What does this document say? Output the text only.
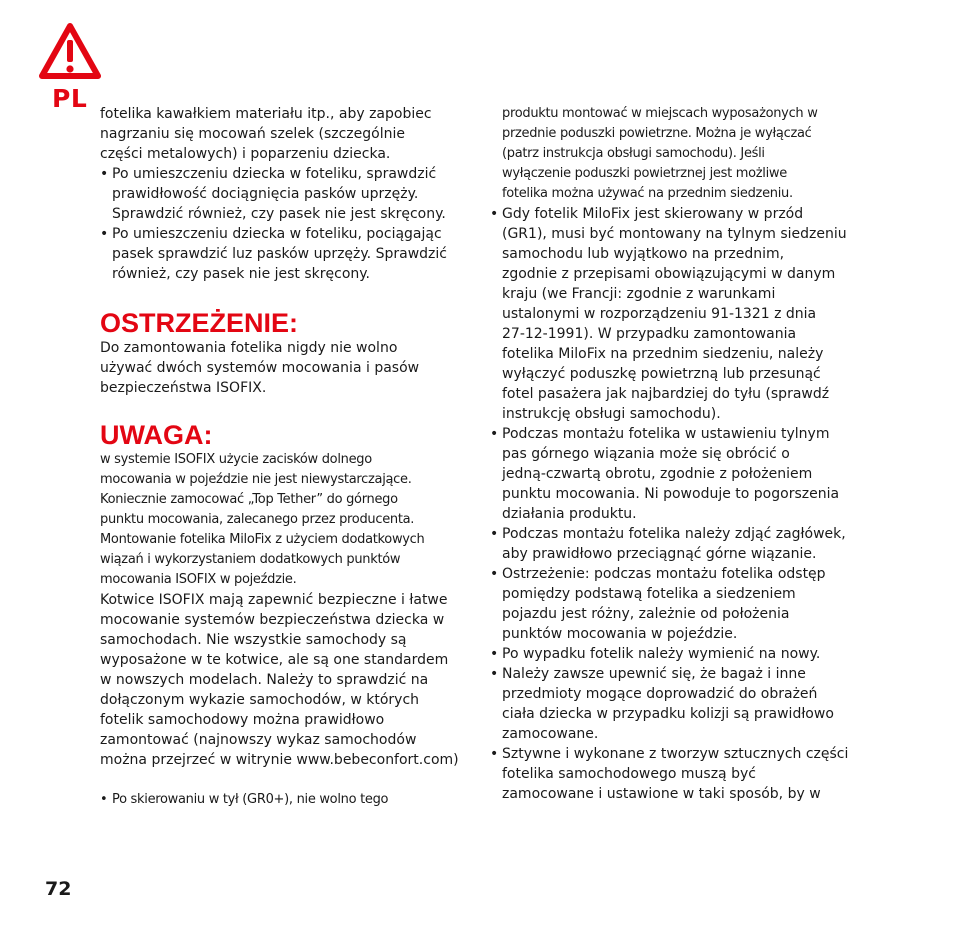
PL

fotelika kawałkiem materiału itp., aby zapobiec

nagrzaniu się mocowań szelek (szczególnie

części metalowych) i poparzeniu dziecka.

• Po umieszczeniu dziecka w foteliku, sprawdzić

prawidłowość dociągnięcia pasków uprzęży.

Sprawdzić również, czy pasek nie jest skręcony.

• Po umieszczeniu dziecka w foteliku, pociągając

pasek sprawdzić luz pasków uprzęży. Sprawdzić

również, czy pasek nie jest skręcony.

OSTRZEŻENIE:

Do zamontowania fotelika nigdy nie wolno

używać dwóch systemów mocowania i pasów

bezpieczeństwa ISOFIX.

UWAGA:

w systemie ISOFIX użycie zacisków dolnego

mocowania w pojeździe nie jest niewystarczające.

Koniecznie zamocować „Top Tether” do górnego

punktu mocowania, zalecanego przez producenta.

Montowanie fotelika MiloFix z użyciem dodatkowych

wiązań i wykorzystaniem dodatkowych punktów

mocowania ISOFIX w pojeździe.

Kotwice ISOFIX mają zapewnić bezpieczne i łatwe

mocowanie systemów bezpieczeństwa dziecka w

samochodach. Nie wszystkie samochody są

wyposażone w te kotwice, ale są one standardem

w nowszych modelach. Należy to sprawdzić na

dołączonym wykazie samochodów, w których

fotelik samochodowy można prawidłowo

zamontować (najnowszy wykaz samochodów

można przejrzeć w witrynie www.bebeconfort.com)

• Po skierowaniu w tył (GR0+), nie wolno tego

produktu montować w miejscach wyposażonych w

przednie poduszki powietrzne. Można je wyłączać

(patrz instrukcja obsługi samochodu). Jeśli

wyłączenie poduszki powietrznej jest możliwe

fotelika można używać na przednim siedzeniu.

• Gdy fotelik MiloFix jest skierowany w przód

(GR1), musi być montowany na tylnym siedzeniu

samochodu lub wyjątkowo na przednim,

zgodnie z przepisami obowiązującymi w danym

kraju (we Francji: zgodnie z warunkami

ustalonymi w rozporządzeniu 91-1321 z dnia

27-12-1991). W przypadku zamontowania

fotelika MiloFix na przednim siedzeniu, należy

wyłączyć poduszkę powietrzną lub przesunąć

fotel pasażera jak najbardziej do tyłu (sprawdź

instrukcję obsługi samochodu).

• Podczas montażu fotelika w ustawieniu tylnym

pas górnego wiązania może się obrócić o

jedną-czwartą obrotu, zgodnie z położeniem

punktu mocowania. Ni powoduje to pogorszenia

działania produktu.

• Podczas montażu fotelika należy zdjąć zagłówek,

aby prawidłowo przeciągnąć górne wiązanie.

• Ostrzeżenie: podczas montażu fotelika odstęp

pomiędzy podstawą fotelika a siedzeniem

pojazdu jest różny, zależnie od położenia

punktów mocowania w pojeździe.

• Po wypadku fotelik należy wymienić na nowy.

• Należy zawsze upewnić się, że bagaż i inne

przedmioty mogące doprowadzić do obrażeń

ciała dziecka w przypadku kolizji są prawidłowo

zamocowane.

• Sztywne i wykonane z tworzyw sztucznych części

fotelika samochodowego muszą być

zamocowane i ustawione w taki sposób, by w

72
